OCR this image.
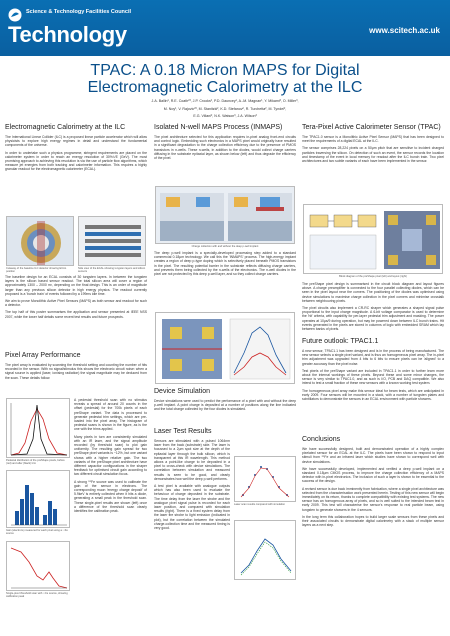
Science & Technology Facilities Council
Technology	www.scitech.ac.uk
TPAC: A 0.18 Micron MAPS for Digital
Electromagnetic Calorimetry at the ILC
J.A. Ballin¹, R.E. Coath²³, J.P. Crooks², P.D. Dauncey¹, A.-M. Magnan¹, Y. Mikami³, O. Miller³,
M. Noy¹, V. Rajovic²³, M. Stanitzki², K.D. Stefanov², R. Turchetta², M. Tyndel²,
E.G. Villani², N.K. Watson³, J.A. Wilson³
Electromagnetic Calorimetry at the ILC

The International Linear Collider (ILC) is a proposed linear particle accelerator which will allow physicists to explore high energy regimes in detail and understand the fundamental components of the universe.

In order to undertake such a physics programme, stringent requirements are placed on the calorimeter system in order to reach an energy resolution of 30%/√E (GeV). The most promising approach to achieving this resolution is via the use of particle flow algorithms, which measure jet energies from both tracking and calorimeter information. This requires a highly granular readout for the electromagnetic calorimeter (ECAL).

Cutaway of the baseline ILC detector showing ECAL position
Side view of the ECAL showing tungsten layers and silicon sensors

The baseline design for an ECAL consists of 30 tungsten layers. In between the tungsten layers is the silicon based sensor readout. The total silicon area will cover a region of approximately 1300 – 2000 m², depending on the final design. This is an order of magnitude larger than any previous silicon detector in high energy physics. The readout currently proposed is a 'bunch train' of events followed by a 199ms idle time.

We aim to prove Monolithic Active Pixel Sensors (MAPS) as both sensor and readout for such a detector.

The top half of this poster summarises the application and sensor presented at IEEE NSS 2007, while the lower half details some recent test results and future prospects.

Pixel Array Performance

The pixel array is evaluated by scanning the threshold setting and counting the number of hits recorded in the sensor. With no signal/stimulus this shows the electronic circuit noise: when a signal source is applied (laser, ionising radiation) the signal magnitude may be deduced from the scan. These details follow.

Pedestal distribution of the preShape pixels, before (red) and after (black) trim
Gain (electrons) measured for each pixel using a ⁵⁵Fe source
Single-pixel threshold scan with ⁵⁵Fe source, showing calibration peak

A pedestal threshold scan with no stimulus reveals a spread of around 20 counts in the offset (pedestal) for the 700k pixels of each preShape variant. The data is processed to generate pedestal trim settings, which are pre-loaded into the pixel array. The histogram of pedestal scans is shown in the figure, as is the one with the trims applied.

Many pixels in turn are consistently simulated with an IR laser, and the signal amplitude recorded (by threshold scan) to plot gain uniformity. The resulting gain spread for two preShape pixel variants is ~12%, but one variant shows with a higher relative gain. The two variants of the preShape pixel architecture have different capacitor configurations in the shaper feedback for optimised circuit gain according to two different circuit simulation focus.

A strong ⁵⁵Fe source was used to calibrate the gain of the sensor in electrons. The corresponding muon 'energy charge deposit' of 5.9keV is entirely collected when it hits a diode, generating a small peak in the threshold scan. These single-pixel results are shown (left) once a difference of the threshold scan clearly identifies the calibration peak.

Isolated N-well MAPS Process (INMAPS)

The pixel architecture selected for this application requires in-pixel analog front-end circuits and control logic. Embedding such electronics in a MAPS pixel would originally have resulted in a significant degradation to the charge collection efficiency due to the presence of PMOS transistors in n-wells. These n-wells, in addition to the diodes, would collect charge carriers diffusing in the substrate epitaxial layer, as shown below (left) and thus degrade the efficiency of the pixel.

Charge collection with and without the deep p-well implant

The deep p-well implant is a specially-developed processing step added to a standard commercial 0.18µm technology. We call this the 'INMAPS' process. The high-energy implant creates a region of deep p-type doping which is selectively placed beneath PMOS transistors in the pixel. The resulting potential barrier in the substrate reflects diffusing charge carriers, and prevents them being collected by the n-wells of the electronics. The n-well diodes in the pixel are not protected by this deep p-well layer, and so they collect charge carriers.

Device Simulation

Device simulations were used to predict the performance of a pixel with and without the deep p-well implant. A point charge is deposited at a number of positions along the line indicated and the total charge collected by the four diodes is simulated.

Laser Test Results

Sensors are stimulated with a pulsed 1064nm laser from the back (substrate) side. The laser is focussed to a 2µm spot size at the depth of the epitaxial layer through the bulk silicon, which is transparent at this IR wavelength. This method allows a point-like charge to be deposited in a pixel to cross-check with device simulations. The correlation between simulation and measured results is seen to be good, and clearly demonstrates how well the deep p-well performs.

A test pixel is available with analogue outputs which has also been used to evaluate the behaviour of charge deposited in the substrate. The time delay from the laser fire strobe and the analogue pixel signal pulse is recorded for each laser position, and compared with simulation results (right). There is a fixed system delay from the laser fire strobe to light emission (indicated in plot), but the correlation between the simulated charge-collection time and the measured timing is very good.

Laser scan results compared with simulation
Tera-Pixel Active Calorimeter Sensor (TPAC)

The TPAC1.0 sensor is a Monolithic Active Pixel Sensor (MAPS) that has been designed to meet the requirements of a digital ECAL at the ILC.

The sensor comprises 28,224 pixels on a 50µm pitch that are sensitive to incident charged particles traversing the silicon. On detection of such an event, the sensor records the location and timestamp of the event in local memory for readout after the ILC bunch train. Two pixel architectures and two subtle variants of each have been implemented in the sensor.

Block diagram of the preShape pixel (left) and layout (right)

The preShape pixel design is summarised in the circuit block diagram and layout figures above. A charge preamplifier is connected to the four parallel collecting diodes, which can be seen in the pixel layout near the corners. The positioning of the diodes was optimised using device simulations to maximise charge collection in the pixel corners and minimise crosstalk between neighbouring pixels.

The pixel circuits also implement a CR-RC shaper which generates a shaped signal pulse proportional to the input charge magnitude. A 6-bit voltage comparator is used to determine the 'hit' criteria, with capability for per-layer pedestal trim adjustment and masking. The power operates at 10µs/9 during operation, but may be powered down between ILC bunch trains. Hit events generated in the pixels are stored in columns of logic with embedded SRAM which lay between banks of pixels.

Future outlook: TPAC1.1

A new sensor, TPAC1.1 has been designed and is in the process of being manufactured. The new sensor selects a single pixel variant, and is thus an homogeneous pixel array. The in-pixel trim adjustment was upgraded from 4 bits to 6 bits to ensure pixels can be 'aligned' to a greater accuracy than the pixel noise.

Test pixels of the preShape variant are included in TPAC1.1 in order to further learn more about the internal workings of these pixels. Beyond these and some minor changes, the sensor is very similar to TPAC1.0, and as such is I/O, PCB and DAQ compatible. We also intend to test a small fraction of these new sensors with a known working test system.

The homogeneous pixel array make this sensor ideal for beam tests, which are anticipated in early 2009. Four sensors will be mounted in a stack, with a number of tungsten plates and scintillators to demonstrate the sensors in an ECAL environment with particle showers.

Conclusions

We have successfully designed, built and demonstrated operation of a highly complex pixelated sensor for an ECAL at the ILC. The pixels have been shown to respond to input stimuli from ⁵⁵Fe and an infrared laser which studies have shown to correspond well with device simulations.

We have successfully developed, implemented and verified a deep p-well implant on a standard 0.18µm CMOS process, to improve the charge collection efficiency of a MAPS detector with in-pixel electronics. The inclusion of such a layer is shown to be essential to the success of the design.

A revised sensor is due back imminently from fabrication, where a single pixel architecture was selected from the characterisation work presented herein. Testing of this new sensor will begin immediately on its return, thanks to complete compatibility with existing test systems. The new sensor has an homogenous array of pixels, and so is well suited to the intended beam test in early 2009. This test will characterise the sensor's response to real particle beam, using tungsten to generate showers in the 4 sensors.

In the long term this collaboration hopes to build larger scale sensors from these pixels and their associated circuits to demonstrate digital calorimetry with a stack of multiple sensor layers as a next step.
